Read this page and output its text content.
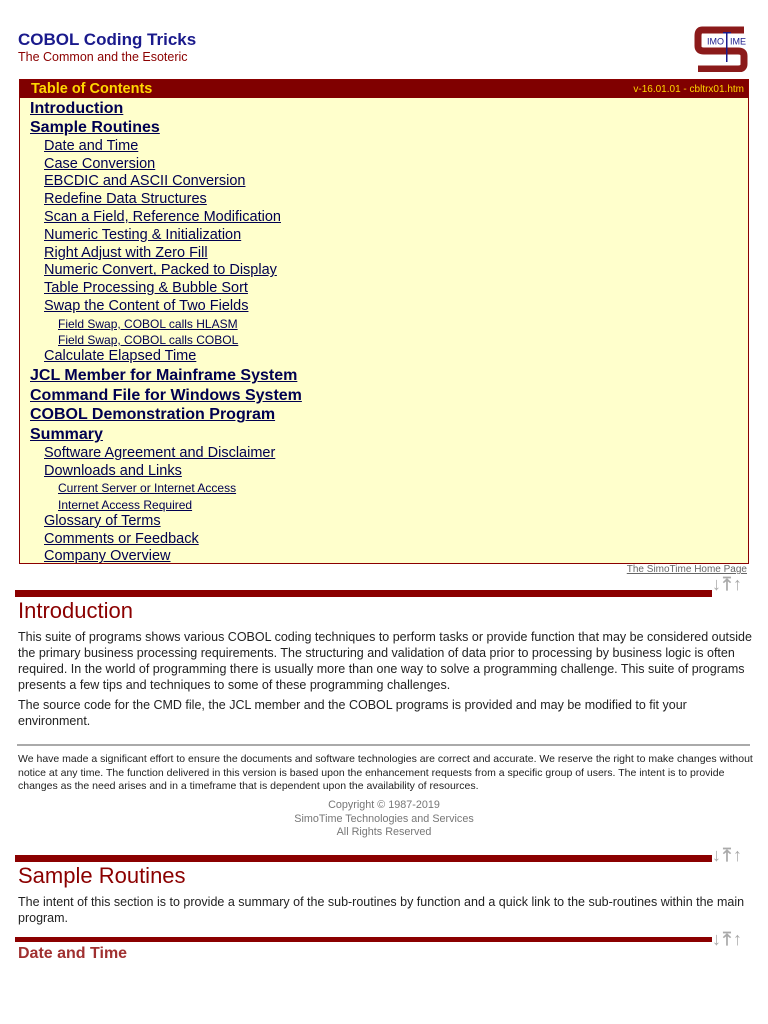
COBOL Coding Tricks
The Common and the Esoteric
IMO IME
Table of Contents	v-16.01.01 - cbltrx01.htm
Introduction
Sample Routines
Date and Time
Case Conversion
EBCDIC and ASCII Conversion
Redefine Data Structures
Scan a Field, Reference Modification
Numeric Testing & Initialization
Right Adjust with Zero Fill
Numeric Convert, Packed to Display
Table Processing & Bubble Sort
Swap the Content of Two Fields
Field Swap, COBOL calls HLASM
Field Swap, COBOL calls COBOL
Calculate Elapsed Time
JCL Member for Mainframe System
Command File for Windows System
COBOL Demonstration Program
Summary
Software Agreement and Disclaimer
Downloads and Links
Current Server or Internet Access
Internet Access Required
Glossary of Terms
Comments or Feedback
Company Overview
The SimoTime Home Page
↓ ⤒ ↑
Introduction

This suite of programs shows various COBOL coding techniques to perform tasks or provide function that may be considered outside the primary business processing requirements. The structuring and validation of data prior to processing by business logic is often required. In the world of programming there is usually more than one way to solve a programming challenge. This suite of programs presents a few tips and techniques to some of these programming challenges.

The source code for the CMD file, the JCL member and the COBOL programs is provided and may be modified to fit your environment.

We have made a significant effort to ensure the documents and software technologies are correct and accurate. We reserve the right to make changes without notice at any time. The function delivered in this version is based upon the enhancement requests from a specific group of users. The intent is to provide changes as the need arises and in a timeframe that is dependent upon the availability of resources.
Copyright © 1987-2019
SimoTime Technologies and Services
All Rights Reserved
↓ ⤒ ↑
Sample Routines

The intent of this section is to provide a summary of the sub-routines by function and a quick link to the sub-routines within the main program.

↓ ⤒ ↑
Date and Time
